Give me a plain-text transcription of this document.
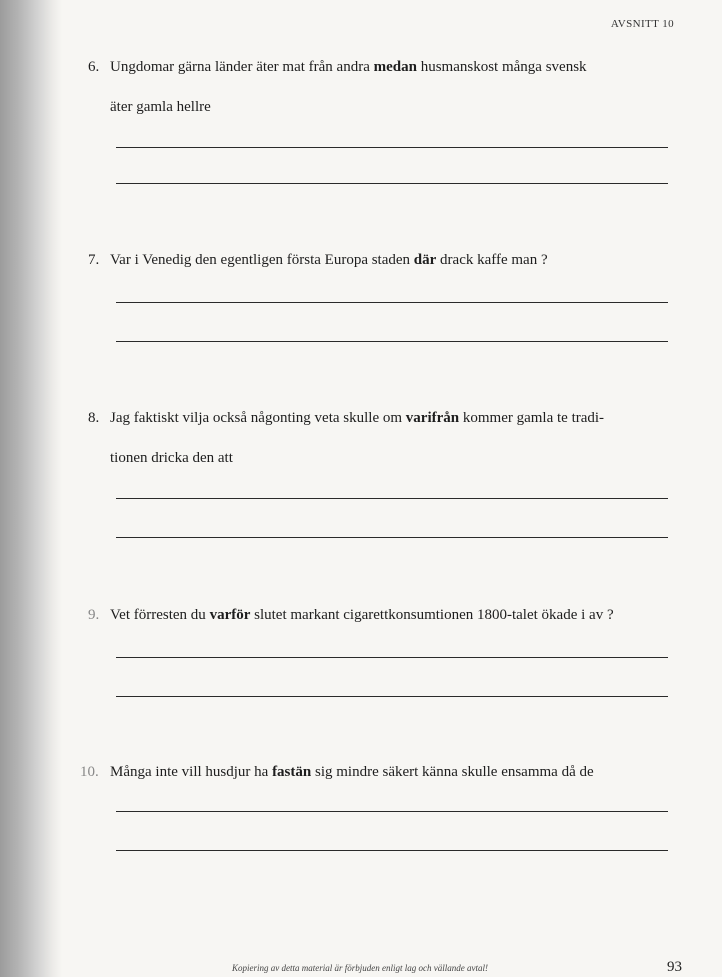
AVSNITT 10
6. Ungdomar gärna länder äter mat från andra medan husmanskost många svensk
äter gamla hellre
7. Var i Venedig den egentligen första Europa staden där drack kaffe man ?
8. Jag faktiskt vilja också någonting veta skulle om varifrån kommer gamla te tradi-
tionen dricka den att
9. Vet förresten du varför slutet markant cigarettkonsumtionen 1800-talet ökade i av ?
10. Många inte vill husdjur ha fastän sig mindre säkert känna skulle ensamma då de
Kopiering av detta material är förbjuden enligt lag och vällande avtal!	93
